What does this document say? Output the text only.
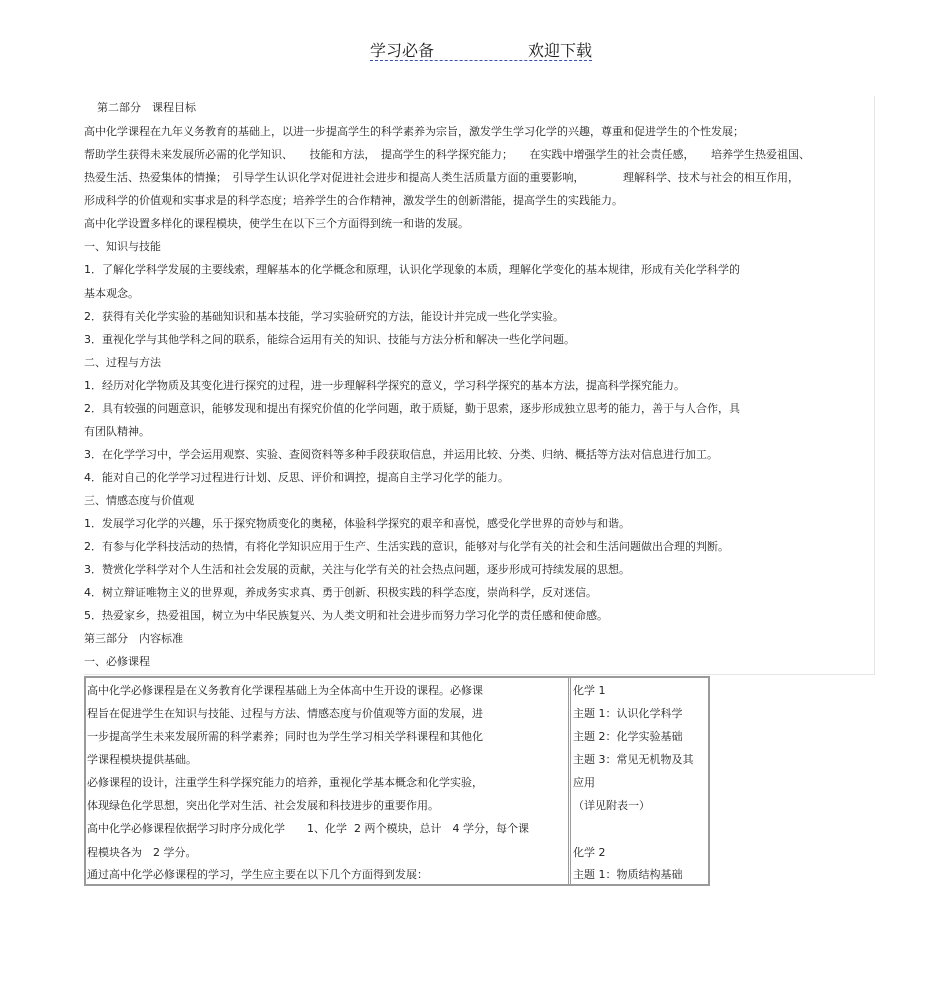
学习必备	欢迎下载
第二部分　课程目标
高中化学课程在九年义务教育的基础上，以进一步提高学生的科学素养为宗旨，激发学生学习化学的兴趣，尊重和促进学生的个性发展；
帮助学生获得未来发展所必需的化学知识、　　技能和方法，　提高学生的科学探究能力；　　在实践中增强学生的社会责任感，　　培养学生热爱祖国、
热爱生活、热爱集体的情操；　引导学生认识化学对促进社会进步和提高人类生活质量方面的重要影响，　　　　理解科学、技术与社会的相互作用，
形成科学的价值观和实事求是的科学态度；培养学生的合作精神，激发学生的创新潜能，提高学生的实践能力。
高中化学设置多样化的课程模块，使学生在以下三个方面得到统一和谐的发展。
一、知识与技能
1．了解化学科学发展的主要线索，理解基本的化学概念和原理，认识化学现象的本质，理解化学变化的基本规律，形成有关化学科学的
基本观念。
2．获得有关化学实验的基础知识和基本技能，学习实验研究的方法，能设计并完成一些化学实验。
3．重视化学与其他学科之间的联系，能综合运用有关的知识、技能与方法分析和解决一些化学问题。
二、过程与方法
1．经历对化学物质及其变化进行探究的过程，进一步理解科学探究的意义，学习科学探究的基本方法，提高科学探究能力。
2．具有较强的问题意识，能够发现和提出有探究价值的化学问题，敢于质疑，勤于思索，逐步形成独立思考的能力，善于与人合作，具
有团队精神。
3．在化学学习中，学会运用观察、实验、查阅资料等多种手段获取信息，并运用比较、分类、归纳、概括等方法对信息进行加工。
4．能对自己的化学学习过程进行计划、反思、评价和调控，提高自主学习化学的能力。
三、情感态度与价值观
1．发展学习化学的兴趣，乐于探究物质变化的奥秘，体验科学探究的艰辛和喜悦，感受化学世界的奇妙与和谐。
2．有参与化学科技活动的热情，有将化学知识应用于生产、生活实践的意识，能够对与化学有关的社会和生活问题做出合理的判断。
3．赞赏化学科学对个人生活和社会发展的贡献，关注与化学有关的社会热点问题，逐步形成可持续发展的思想。
4．树立辩证唯物主义的世界观，养成务实求真、勇于创新、积极实践的科学态度，崇尚科学，反对迷信。
5．热爱家乡，热爱祖国，树立为中华民族复兴、为人类文明和社会进步而努力学习化学的责任感和使命感。
第三部分　内容标准
一、必修课程
高中化学必修课程是在义务教育化学课程基础上为全体高中生开设的课程。必修课
程旨在促进学生在知识与技能、过程与方法、情感态度与价值观等方面的发展，进
一步提高学生未来发展所需的科学素养；同时也为学生学习相关学科课程和其他化
学课程模块提供基础。
必修课程的设计，注重学生科学探究能力的培养，重视化学基本概念和化学实验，
体现绿色化学思想，突出化学对生活、社会发展和科技进步的重要作用。
高中化学必修课程依据学习时序分成化学　　1、化学  2 两个模块，总计　4 学分，每个课
程模块各为　2 学分。
通过高中化学必修课程的学习，学生应主要在以下几个方面得到发展：
化学 1
主题 1：认识化学科学
主题 2：化学实验基础
主题 3：常见无机物及其
应用
（详见附表一）
化学 2
主题 1：物质结构基础
